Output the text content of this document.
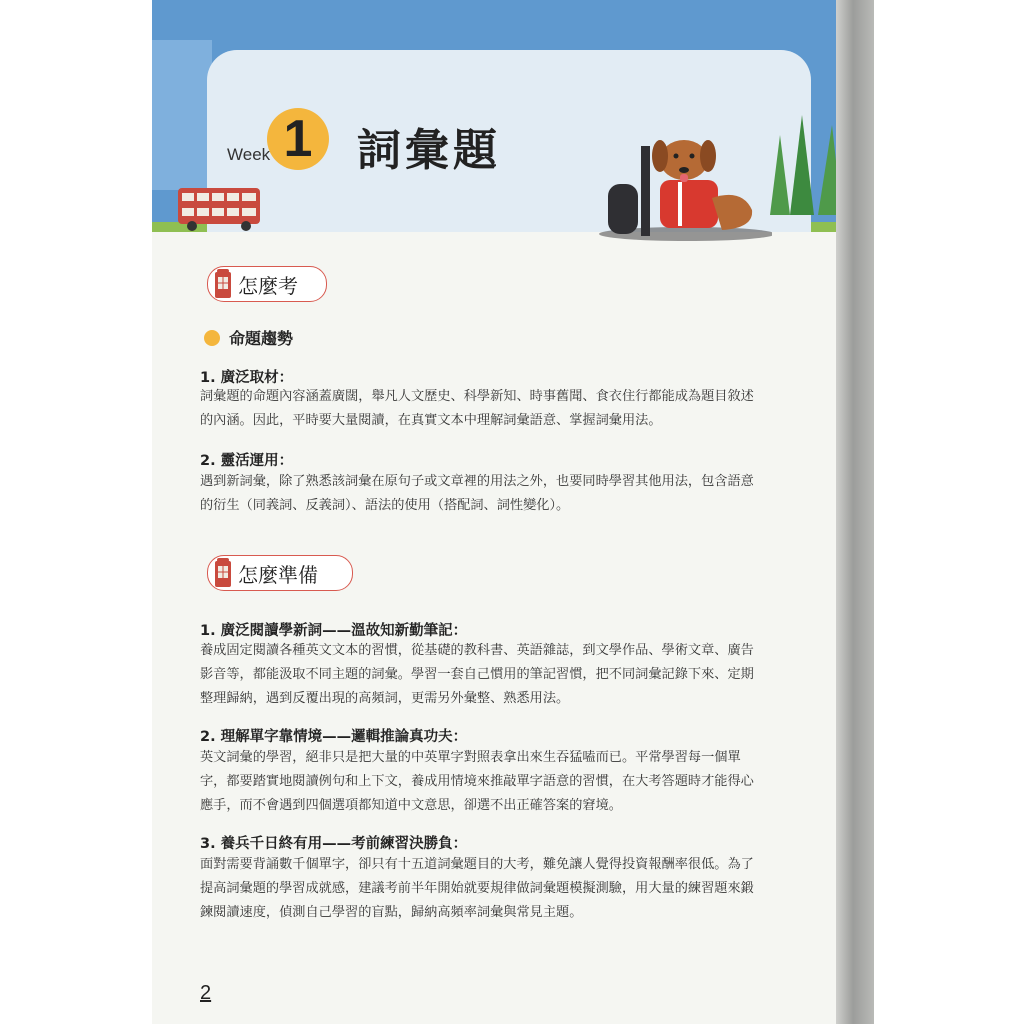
Week 1	詞彙題
怎麼考
命題趨勢
1. 廣泛取材：
詞彙題的命題內容涵蓋廣闊，舉凡人文歷史、科學新知、時事舊聞、食衣住行都能成為題目敘述
的內涵。因此，平時要大量閱讀，在真實文本中理解詞彙語意、掌握詞彙用法。
2. 靈活運用：
遇到新詞彙，除了熟悉該詞彙在原句子或文章裡的用法之外，也要同時學習其他用法，包含語意
的衍生（同義詞、反義詞）、語法的使用（搭配詞、詞性變化）。
怎麼準備
1. 廣泛閱讀學新詞——溫故知新勤筆記：
養成固定閱讀各種英文文本的習慣，從基礎的教科書、英語雜誌，到文學作品、學術文章、廣告
影音等，都能汲取不同主題的詞彙。學習一套自己慣用的筆記習慣，把不同詞彙記錄下來、定期
整理歸納，遇到反覆出現的高頻詞，更需另外彙整、熟悉用法。
2. 理解單字靠情境——邏輯推論真功夫：
英文詞彙的學習，絕非只是把大量的中英單字對照表拿出來生吞猛嗑而已。平常學習每一個單
字，都要踏實地閱讀例句和上下文，養成用情境來推敲單字語意的習慣，在大考答題時才能得心
應手，而不會遇到四個選項都知道中文意思，卻選不出正確答案的窘境。
3. 養兵千日終有用——考前練習決勝負：
面對需要背誦數千個單字，卻只有十五道詞彙題目的大考，難免讓人覺得投資報酬率很低。為了
提高詞彙題的學習成就感，建議考前半年開始就要規律做詞彙題模擬測驗，用大量的練習題來鍛
鍊閱讀速度，偵測自己學習的盲點，歸納高頻率詞彙與常見主題。
2
